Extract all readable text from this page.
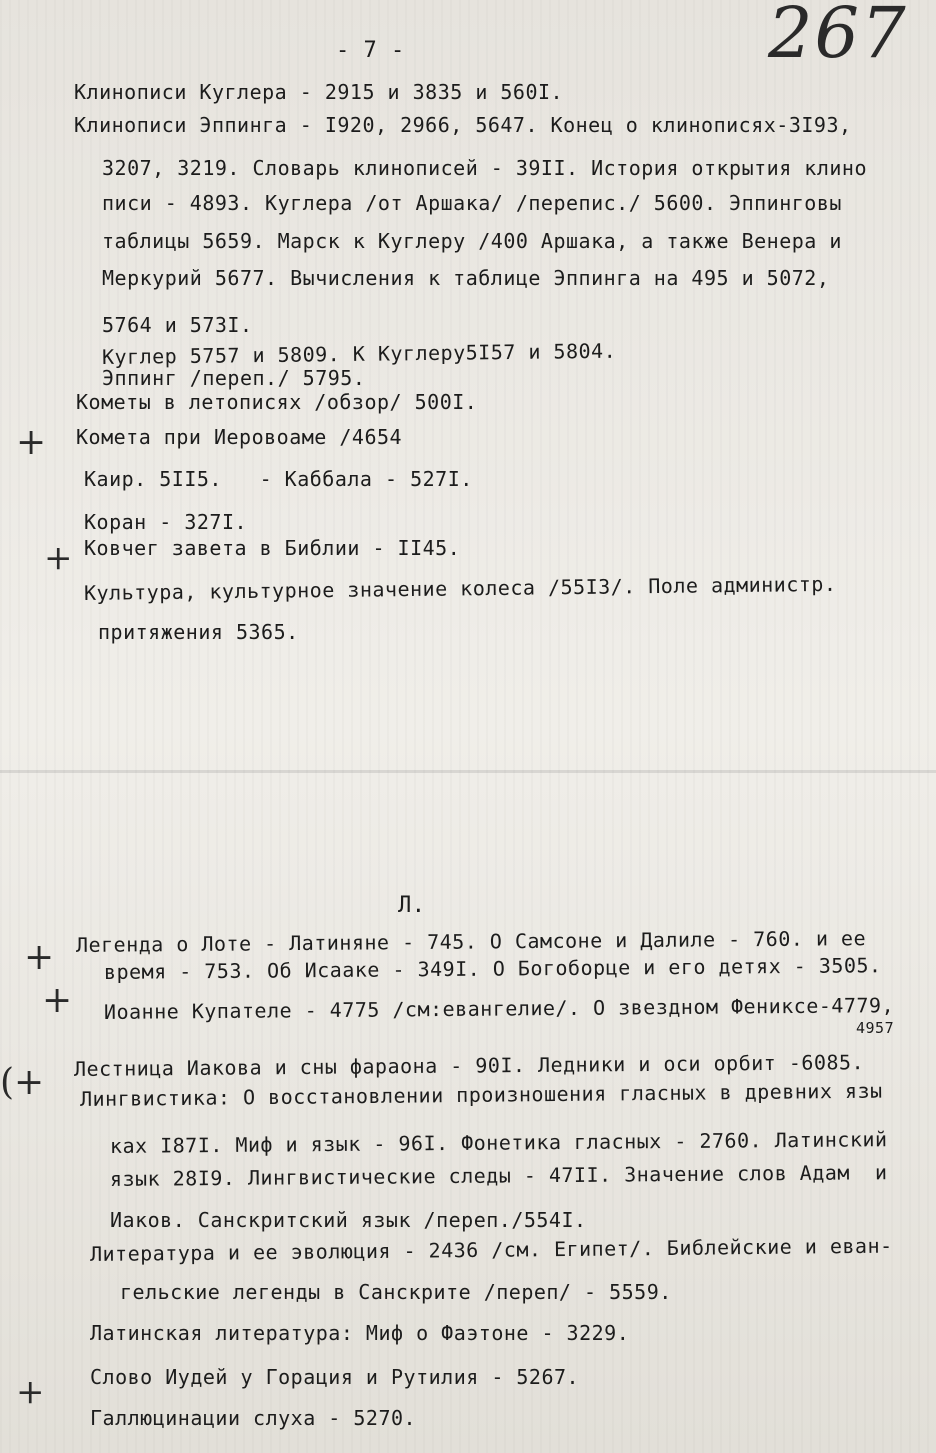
- 7 -	267
+
+
+
+
+
(+
Клинописи Куглера - 2915 и 3835 и 560I.
Клинописи Эппинга - I920, 2966, 5647. Конец о клинописях-3I93,
3207, 3219. Словарь клинописей - 39II. История открытия клино
писи - 4893. Куглера /от Аршака/ /перепис./ 5600. Эппинговы
таблицы 5659. Марск к Куглеру /400 Аршака, а также Венера и
Меркурий 5677. Вычисления к таблице Эппинга на 495 и 5072,
5764 и 573I.
Куглер 5757 и 5809. К Куглеру5I57 и 5804.
Эппинг /переп./ 5795.
Кометы в летописях /обзор/ 500I.
Комета при Иеровоаме /4654
Каир. 5II5.   - Каббала - 527I.
Коран - 327I.
Ковчег завета в Библии - II45.
Культура, культурное значение колеса /55I3/. Поле администр.
притяжения 5365.
Л.
Легенда о Лоте - Латиняне - 745. О Самсоне и Далиле - 760. и ее
время - 753. Об Исааке - 349I. О Богоборце и его детях - 3505.
Иоанне Купателе - 4775 /см:евангелие/. О звездном Фениксе-4779,
4957
Лестница Иакова и сны фараона - 90I. Ледники и оси орбит -6085.
Лингвистика: О восстановлении произношения гласных в древних язы
ках I87I. Миф и язык - 96I. Фонетика гласных - 2760. Латинский
язык 28I9. Лингвистические следы - 47II. Значение слов Адам  и
Иаков. Санскритский язык /переп./554I.
Литература и ее эволюция - 2436 /см. Египет/. Библейские и еван-
гельские легенды в Санскрите /переп/ - 5559.
Латинская литература: Миф о Фаэтоне - 3229.
Слово Иудей у Горация и Рутилия - 5267.
Галлюцинации слуха - 5270.
